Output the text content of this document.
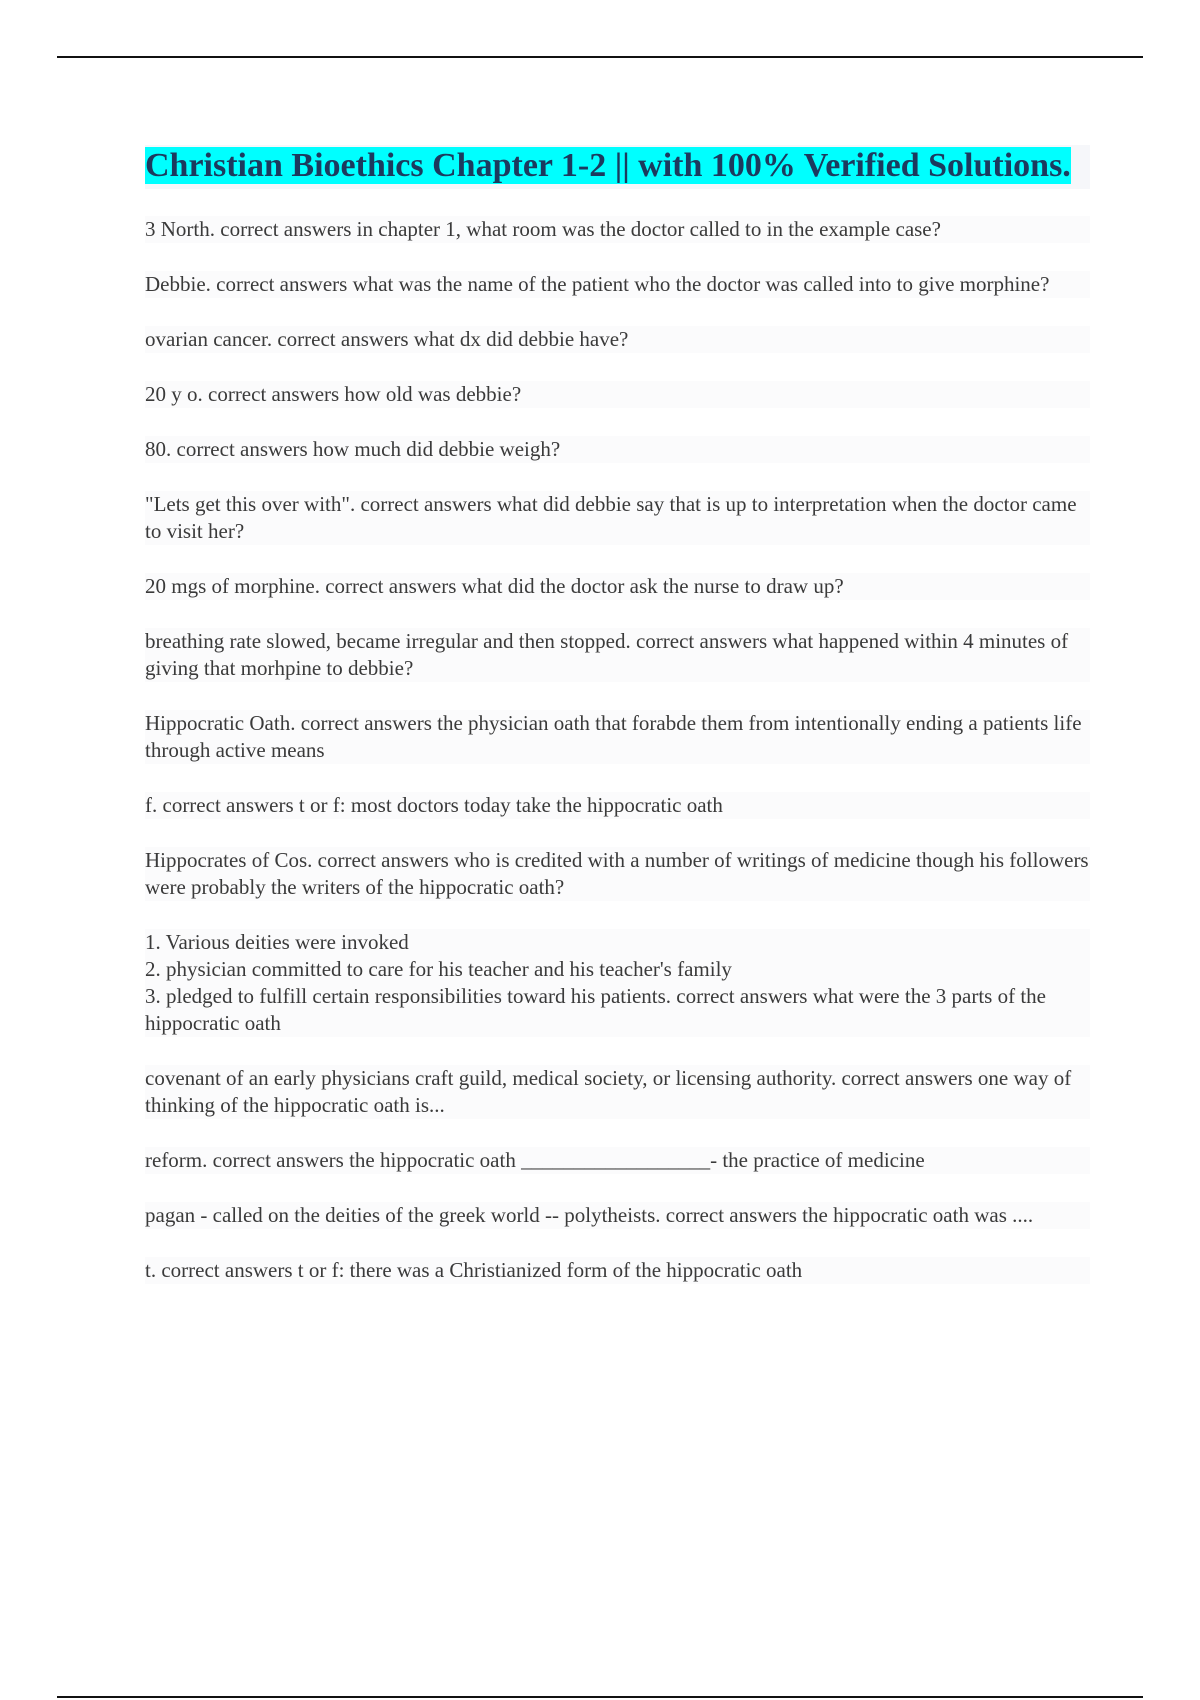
Christian Bioethics Chapter 1-2 || with 100% Verified Solutions.

3 North. correct answers in chapter 1, what room was the doctor called to in the example case?

Debbie. correct answers what was the name of the patient who the doctor was called into to give morphine?

ovarian cancer. correct answers what dx did debbie have?

20 y o. correct answers how old was debbie?

80. correct answers how much did debbie weigh?

"Lets get this over with". correct answers what did debbie say that is up to interpretation when the doctor came to visit her?

20 mgs of morphine. correct answers what did the doctor ask the nurse to draw up?

breathing rate slowed, became irregular and then stopped. correct answers what happened within 4 minutes of giving that morhpine to debbie?

Hippocratic Oath. correct answers the physician oath that forabde them from intentionally ending a patients life through active means

f. correct answers t or f: most doctors today take the hippocratic oath

Hippocrates of Cos. correct answers who is credited with a number of writings of medicine though his followers were probably the writers of the hippocratic oath?

1. Various deities were invoked
2. physician committed to care for his teacher and his teacher's family
3. pledged to fulfill certain responsibilities toward his patients. correct answers what were the 3 parts of the hippocratic oath

covenant of an early physicians craft guild, medical society, or licensing authority. correct answers one way of thinking of the hippocratic oath is...

reform. correct answers the hippocratic oath __________________- the practice of medicine

pagan - called on the deities of the greek world -- polytheists. correct answers the hippocratic oath was ....

t. correct answers t or f: there was a Christianized form of the hippocratic oath
